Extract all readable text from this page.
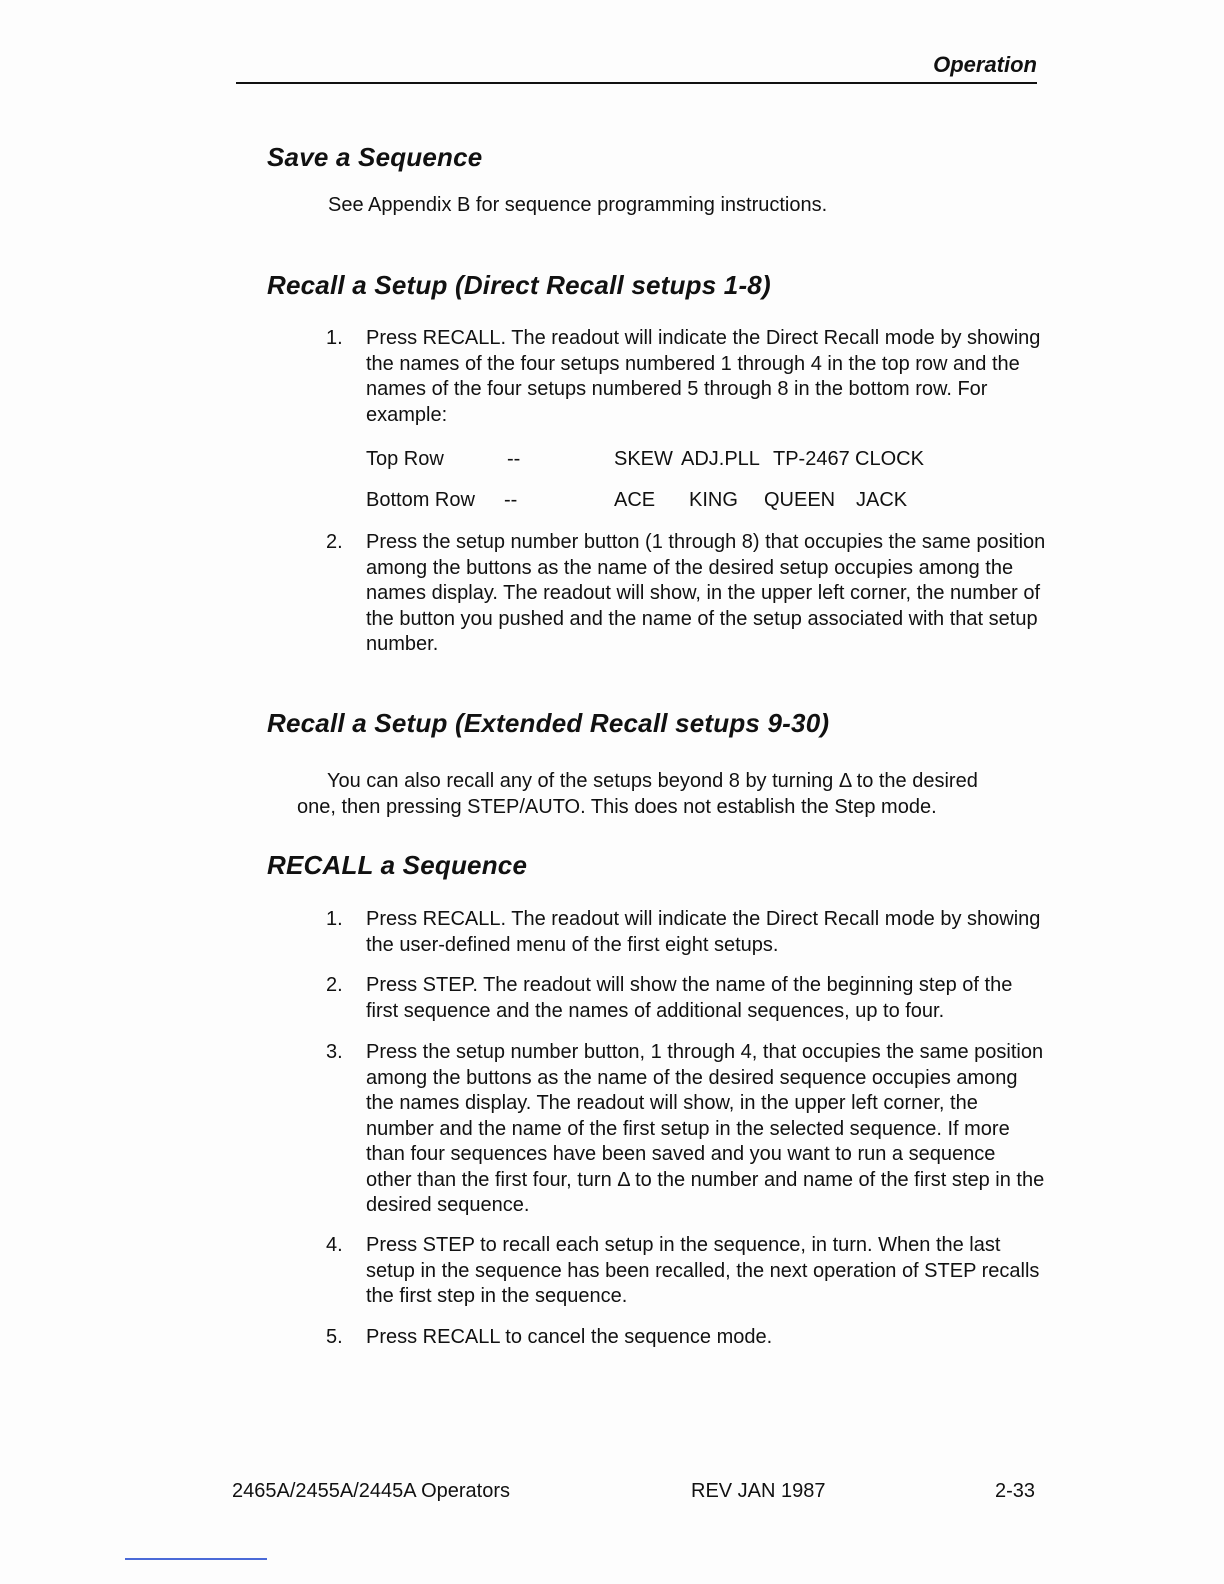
Operation
Save a Sequence
See Appendix B for sequence programming instructions.
Recall a Setup (Direct Recall setups 1-8)
1.	Press RECALL. The readout will indicate the Direct Recall mode by showing the names of the four setups numbered 1 through 4 in the top row and the names of the four setups numbered 5 through 8 in the bottom row. For example:
Top Row	--	SKEW ADJ.PLL TP-2467 CLOCK
Bottom Row --	ACE KING QUEEN JACK
2.	Press the setup number button (1 through 8) that occupies the same position among the buttons as the name of the desired setup occupies among the names display. The readout will show, in the upper left corner, the number of the button you pushed and the name of the setup associated with that setup number.
Recall a Setup (Extended Recall setups 9-30)
You can also recall any of the setups beyond 8 by turning Δ to the desired
one, then pressing STEP/AUTO. This does not establish the Step mode.
RECALL a Sequence
1.	Press RECALL. The readout will indicate the Direct Recall mode by showing the user-defined menu of the first eight setups.
2.	Press STEP. The readout will show the name of the beginning step of the first sequence and the names of additional sequences, up to four.
3.	Press the setup number button, 1 through 4, that occupies the same position among the buttons as the name of the desired sequence occupies among the names display. The readout will show, in the upper left corner, the number and the name of the first setup in the selected sequence. If more than four sequences have been saved and you want to run a sequence other than the first four, turn Δ to the number and name of the first step in the desired sequence.
4.	Press STEP to recall each setup in the sequence, in turn. When the last setup in the sequence has been recalled, the next operation of STEP recalls the first step in the sequence.
5.	Press RECALL to cancel the sequence mode.
2465A/2455A/2445A Operators	REV JAN 1987	2-33
